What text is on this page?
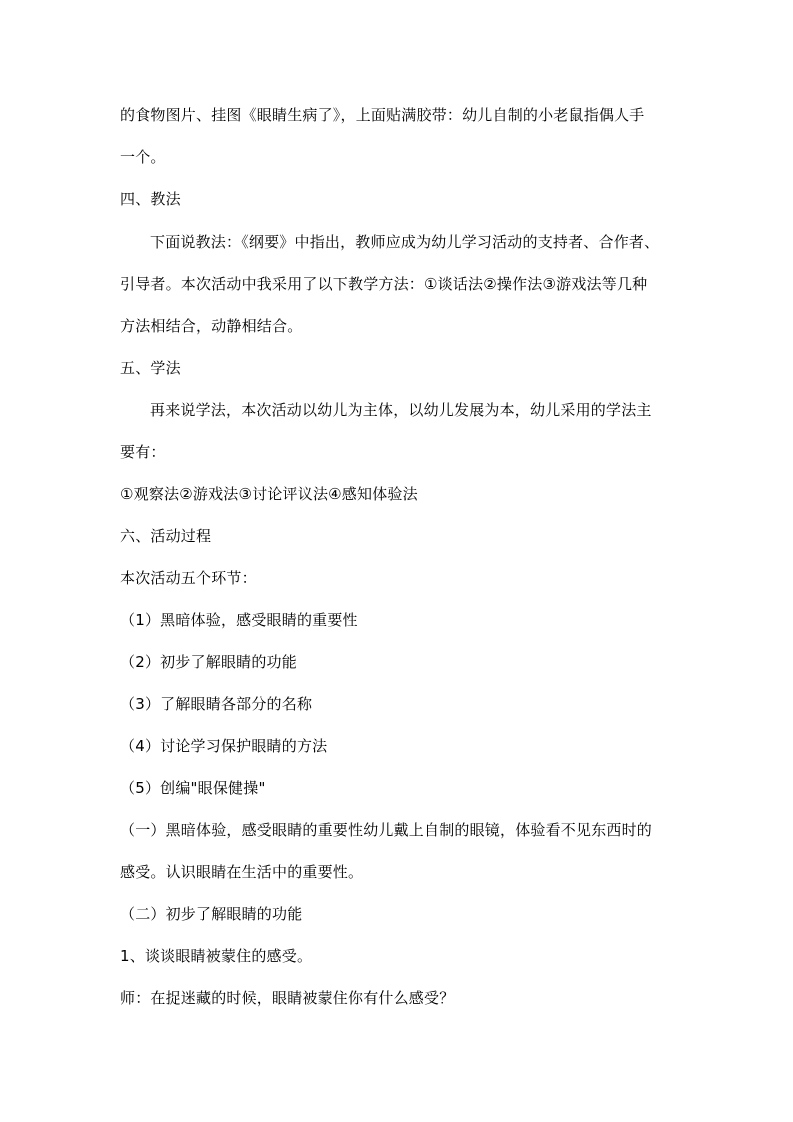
的食物图片、挂图《眼睛生病了》，上面贴满胶带：幼儿自制的小老鼠指偶人手
一个。
四、教法
下面说教法：《纲要》中指出，教师应成为幼儿学习活动的支持者、合作者、
引导者。本次活动中我采用了以下教学方法：①谈话法②操作法③游戏法等几种
方法相结合，动静相结合。
五、学法
再来说学法，本次活动以幼儿为主体，以幼儿发展为本，幼儿采用的学法主
要有：
①观察法②游戏法③讨论评议法④感知体验法
六、活动过程
本次活动五个环节：
（1）黑暗体验，感受眼睛的重要性
（2）初步了解眼睛的功能
（3）了解眼睛各部分的名称
（4）讨论学习保护眼睛的方法
（5）创编"眼保健操"
（一）黑暗体验，感受眼睛的重要性幼儿戴上自制的眼镜，体验看不见东西时的
感受。认识眼睛在生活中的重要性。
（二）初步了解眼睛的功能
1、谈谈眼睛被蒙住的感受。
师：在捉迷藏的时候，眼睛被蒙住你有什么感受？
